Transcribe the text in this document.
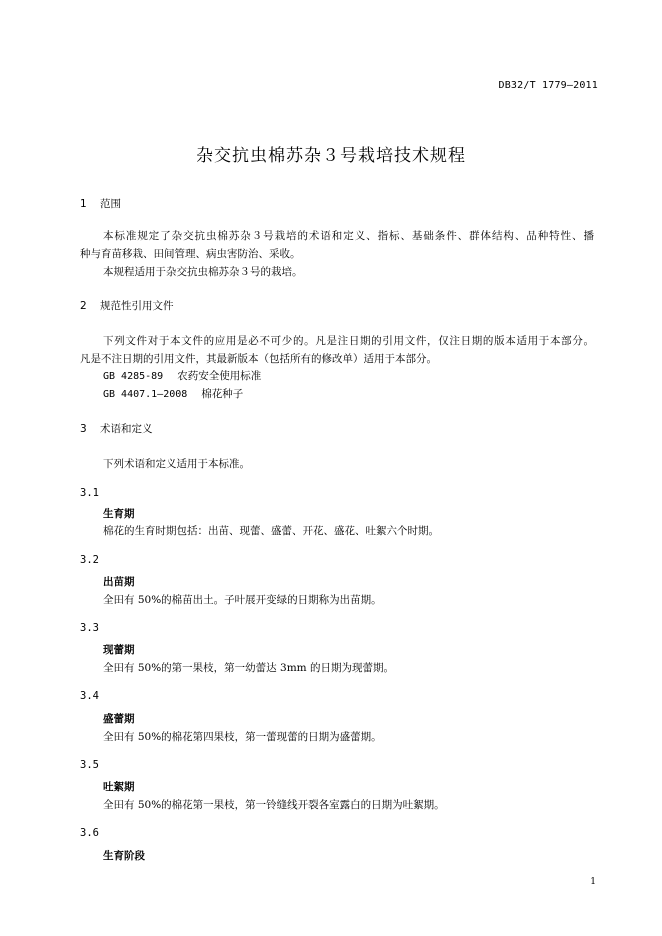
DB32/T 1779—2011
杂交抗虫棉苏杂３号栽培技术规程
1 范围
本标准规定了杂交抗虫棉苏杂３号栽培的术语和定义、指标、基础条件、群体结构、品种特性、播
种与育苗移栽、田间管理、病虫害防治、采收。
本规程适用于杂交抗虫棉苏杂３号的栽培。
2 规范性引用文件
下列文件对于本文件的应用是必不可少的。凡是注日期的引用文件，仅注日期的版本适用于本部分。
凡是不注日期的引用文件，其最新版本（包括所有的修改单）适用于本部分。
GB 4285-89 农药安全使用标准
GB 4407.1—2008 棉花种子
3 术语和定义
下列术语和定义适用于本标准。
3.1
生育期
棉花的生育时期包括：出苗、现蕾、盛蕾、开花、盛花、吐絮六个时期。
3.2
出苗期
全田有 50%的棉苗出土。子叶展开变绿的日期称为出苗期。
3.3
现蕾期
全田有 50%的第一果枝，第一幼蕾达 3mm 的日期为现蕾期。
3.4
盛蕾期
全田有 50%的棉花第四果枝，第一蕾现蕾的日期为盛蕾期。
3.5
吐絮期
全田有 50%的棉花第一果枝，第一铃缝线开裂各室露白的日期为吐絮期。
3.6
生育阶段
1
